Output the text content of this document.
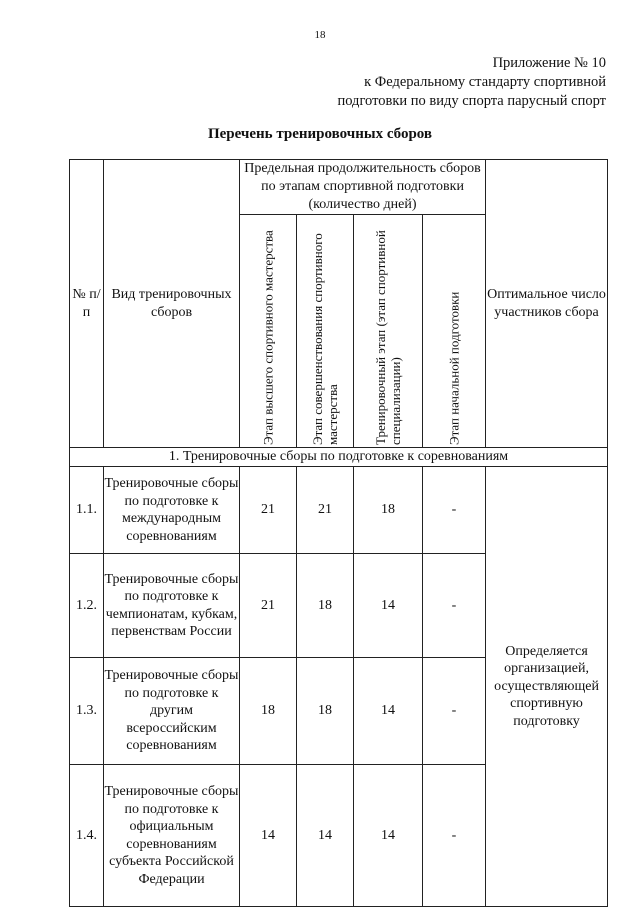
18
Приложение № 10
к Федеральному стандарту спортивной
подготовки по виду спорта парусный спорт
Перечень тренировочных сборов
№ п/п	Вид тренировочных сборов	Предельная продолжительность сборов по этапам спортивной подготовки (количество дней)				Оптимальное число участников сбора

		Этап высшего спортивного мастерства	Этап совершенствования спортивного мастерства	Тренировочный этап (этап спортивной специализации)	Этап начальной подготовки	

1. Тренировочные сборы по подготовке к соревнованиям						
1.1.	Тренировочные сборы по подготовке к международным соревнованиям	21	21	18	-	Определяется организацией, осуществляющей спортивную подготовку
1.2.	Тренировочные сборы по подготовке к чемпионатам, кубкам, первенствам России	21	18	14	-	
1.3.	Тренировочные сборы по подготовке к другим всероссийским соревнованиям	18	18	14	-	
1.4.	Тренировочные сборы по подготовке к официальным соревнованиям субъекта Российской Федерации	14	14	14	-	
